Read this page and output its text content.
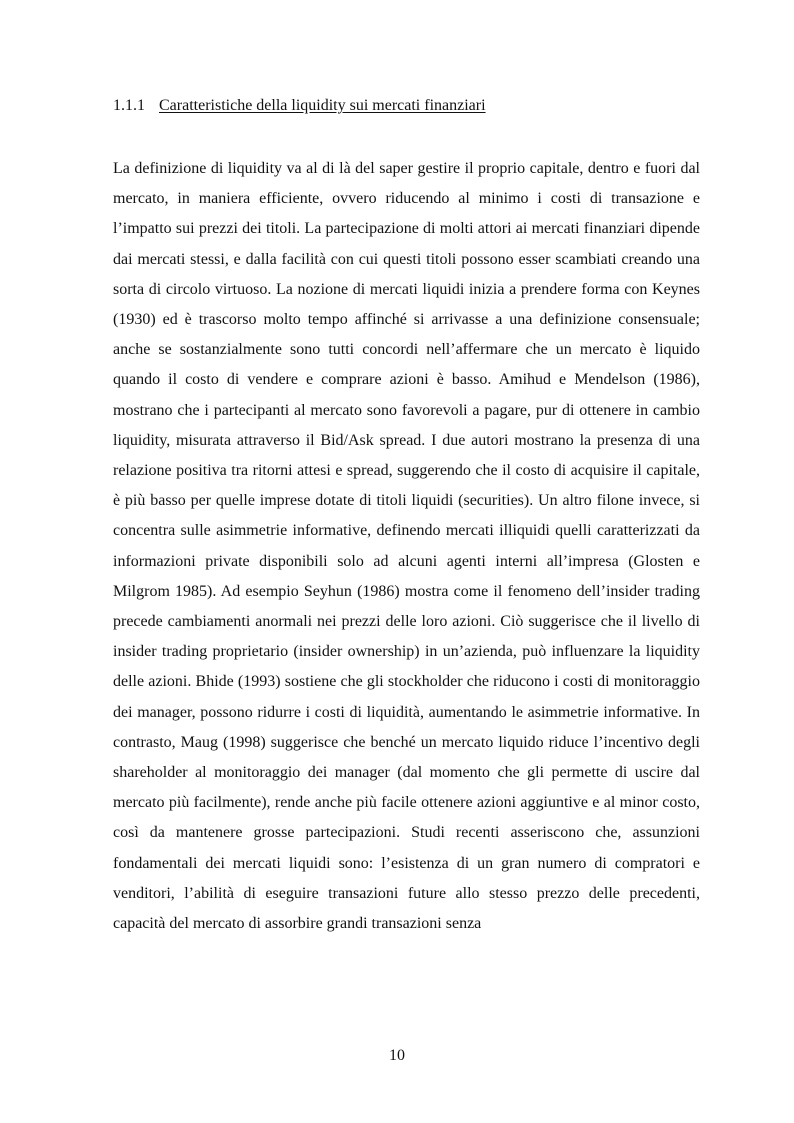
1.1.1 Caratteristiche della liquidity sui mercati finanziari

La definizione di liquidity va al di là del saper gestire il proprio capitale, dentro e fuori dal mercato, in maniera efficiente, ovvero riducendo al minimo i costi di transazione e l’impatto sui prezzi dei titoli. La partecipazione di molti attori ai mercati finanziari dipende dai mercati stessi, e dalla facilità con cui questi titoli possono esser scambiati creando una sorta di circolo virtuoso. La nozione di mercati liquidi inizia a prendere forma con Keynes (1930) ed è trascorso molto tempo affinché si arrivasse a una definizione consensuale; anche se sostanzialmente sono tutti concordi nell’affermare che un mercato è liquido quando il costo di vendere e comprare azioni è basso. Amihud e Mendelson (1986), mostrano che i partecipanti al mercato sono favorevoli a pagare, pur di ottenere in cambio liquidity, misurata attraverso il Bid/Ask spread. I due autori mostrano la presenza di una relazione positiva tra ritorni attesi e spread, suggerendo che il costo di acquisire il capitale, è più basso per quelle imprese dotate di titoli liquidi (securities). Un altro filone invece, si concentra sulle asimmetrie informative, definendo mercati illiquidi quelli caratterizzati da informazioni private disponibili solo ad alcuni agenti interni all’impresa (Glosten e Milgrom 1985). Ad esempio Seyhun (1986) mostra come il fenomeno dell’insider trading precede cambiamenti anormali nei prezzi delle loro azioni. Ciò suggerisce che il livello di insider trading proprietario (insider ownership) in un’azienda, può influenzare la liquidity delle azioni. Bhide (1993) sostiene che gli stockholder che riducono i costi di monitoraggio dei manager, possono ridurre i costi di liquidità, aumentando le asimmetrie informative. In contrasto, Maug (1998) suggerisce che benché un mercato liquido riduce l’incentivo degli shareholder al monitoraggio dei manager (dal momento che gli permette di uscire dal mercato più facilmente), rende anche più facile ottenere azioni aggiuntive e al minor costo, così da mantenere grosse partecipazioni. Studi recenti asseriscono che, assunzioni fondamentali dei mercati liquidi sono: l’esistenza di un gran numero di compratori e venditori, l’abilità di eseguire transazioni future allo stesso prezzo delle precedenti, capacità del mercato di assorbire grandi transazioni senza

10
